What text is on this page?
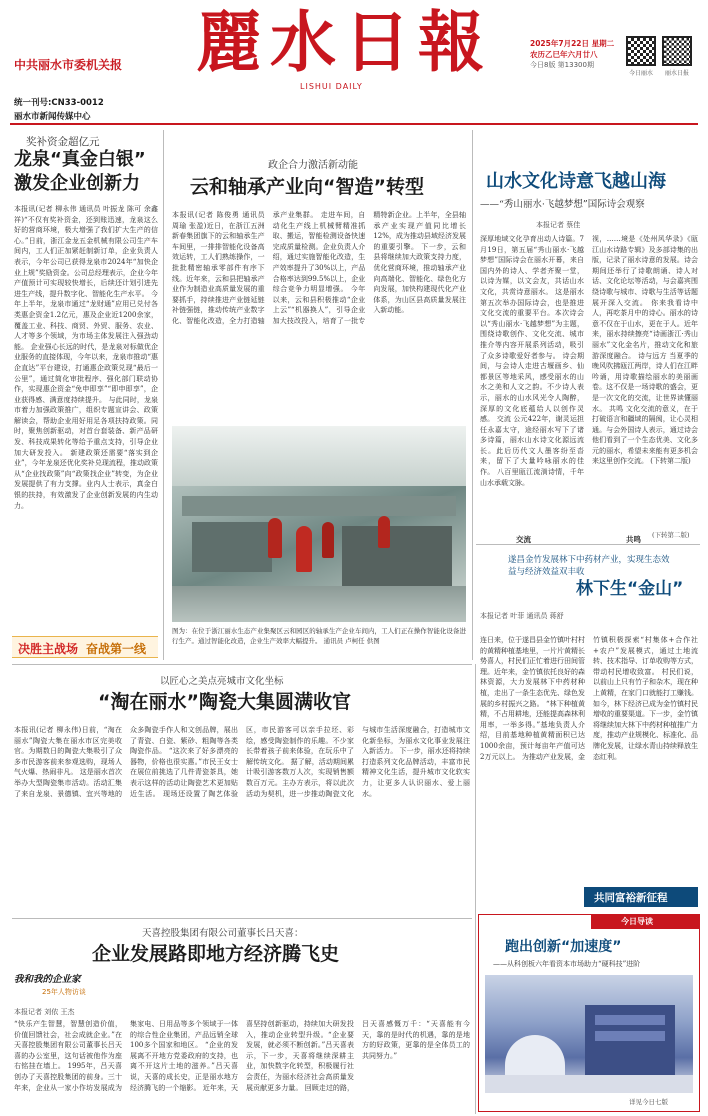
中共丽水市委机关报 麗 水 日 報
LISHUI DAILY
2025年7月22日 星期二
农历乙巳年六月廿八
今日8版 第13300期
今日丽水	丽水日报
统一刊号:CN33-0012
丽水市新闻传媒中心
奖补资金超亿元
龙泉“真金白银”
激发企业创新力
本报讯(记者 柳永伟 通讯员 叶振龙 陈可 余鑫祥)“不仅有奖补资金，还到账迅速，龙泉这么好的营商环境，极大增强了我们扩大生产的信心。”日前，浙江金龙五金机械有限公司生产车间内，工人们正加紧赶制新订单，企业负责人表示，今年公司已获得龙泉市2024年“加快企业上规”奖励资金。公司总经理表示，企业今年产值预计可实现较快增长，后续还计划引进先进生产线，提升数字化、智能化生产水平。 今年上半年，龙泉市通过“龙财通”应用已兑付各类惠企资金1.2亿元，惠及企业近1200余家，覆盖工业、科技、商贸、外贸、服务、农业、人才等多个领域，为市场主体发展注入强劲动能。 企业强心长远的时代，是龙泉对标做优企业服务的直接体现，今年以来，龙泉市推动“惠企直达”平台建设，打通惠企政策兑现“最后一公里”，通过简化审批程序、强化部门联动协作，实现惠企资金“免申即享”“即申即享”，企业获得感、满意度持续提升。 与此同时，龙泉市着力加强政策推广，组织专题宣讲会、政策解读会，帮助企业用好用足各项扶持政策。同时，聚焦创新驱动，对首台套装备、新产品研发、科技成果转化等给予重点支持，引导企业加大研发投入。 新建政策还需要“落实到企业”，今年龙泉还优化奖补兑现流程，推动政策从“企业找政策”向“政策找企业”转变，为企业发展提供了有力支撑。业内人士表示，真金白银的扶持，有效激发了企业创新发展的内生动力。
决胜主战场 奋战第一线
政企合力激活新动能
云和轴承产业向“智造”转型
本报讯(记者 陈俊勇 通讯员 周瑜 张盈)近日，在浙江五洲新春集团旗下的云和轴承生产车间里，一排排智能化设备高效运转，工人们熟练操作，一批批精密轴承零部件有序下线。近年来，云和县把轴承产业作为制造业高质量发展的重要抓手，持续推进产业链延链补链强链，推动传统产业数字化、智能化改造，全力打造轴承产业集群。 走进车间，自动化生产线上机械臂精准抓取、搬运，智能检测设备快速完成质量检测。企业负责人介绍，通过实施智能化改造，生产效率提升了30%以上，产品合格率达到99.5%以上，企业综合竞争力明显增强。 今年以来，云和县积极推动“企业上云”“机器换人”，引导企业加大技改投入，培育了一批专精特新企业。上半年，全县轴承产业实现产值同比增长12%，成为推动县域经济发展的重要引擎。 下一步，云和县将继续加大政策支持力度，优化营商环境，推动轴承产业向高端化、智能化、绿色化方向发展，加快构建现代化产业体系，为山区县高质量发展注入新动能。
图为：在位于浙江丽水生态产业集聚区云和园区的轴承生产企业车间内，工人们正在操作智能化设备进行生产。通过智能化改造，企业生产效率大幅提升。 通讯员 卢柯任 供图
山水文化诗意飞越山海
——“秀山丽水·飞越梦想”国际诗会观察
本报记者 蔡佳
深厚地域文化孕育出动人诗篇。7月19日，第五届“秀山丽水·飞越梦想”国际诗会在丽水开幕，来自国内外的诗人、学者齐聚一堂，以诗为媒，以文会友，共话山水文化，共赏诗意丽水。 这是丽水第五次举办国际诗会，也是推进文化交流的重要平台。本次诗会以“秀山丽水·飞越梦想”为主题，围绕诗歌创作、文化交流、城市推介等内容开展系列活动，吸引了众多诗歌爱好者参与。 诗会期间，与会诗人走进古堰画乡、仙都景区等地采风，感受丽水的山水之美和人文之韵。不少诗人表示，丽水的山水风光令人陶醉，深厚的文化底蕴给人以创作灵感。 交流 公元422年，谢灵运担任永嘉太守，途经丽水写下了诸多诗篇，丽水山水诗文化源远流长。此后历代文人墨客纷至沓来，留下了大量吟咏丽水的佳作。 八百里瓯江流淌诗情，千年山水承载文脉。
视，……境是《处州风华录》《瓯江山水诗路专辑》及多部诗集的出版，记录了丽水诗意的发展。诗会期间还举行了诗歌朗诵、诗人对话、文化论坛等活动，与会嘉宾围绕诗歌与城市、诗歌与生活等话题展开深入交流。 你来我看诗中人，再吃茶月中的诗心。丽水的诗意不仅在于山水，更在于人。近年来，丽水持续擦亮“诗画浙江·秀山丽水”文化金名片，推动文化和旅游深度融合。 诗与远方 当夏季的晚风吹拂瓯江两岸，诗人们在江畔吟诵，用诗歌描绘丽水的美丽画卷。这不仅是一场诗歌的盛会，更是一次文化的交流，让世界读懂丽水。 共鸣 文化交流的意义，在于打破语言和疆域的隔阂，让心灵相通。与会外国诗人表示，通过诗会他们看到了一个生态优美、文化多元的丽水，希望未来能有更多机会来这里创作交流。 (下转第二版)
交流	共鸣 (下转第二版)
遂昌金竹发展林下中药材产业，实现生态效
益与经济效益双丰收
林下生“金山”
本报记者 叶菲 通讯员 蒋舒
连日来，位于遂昌县金竹镇叶村村的黄精种植基地里，一片片黄精长势喜人，村民们正忙着进行田间管理。近年来，金竹镇依托良好的森林资源，大力发展林下中药材种植，走出了一条生态优先、绿色发展的乡村振兴之路。 “林下种植黄精，不占用耕地，还能提高森林利用率，一举多得。”基地负责人介绍，目前基地种植黄精面积已达1000余亩，预计每亩年产值可达2万元以上。 为推动产业发展，金竹镇积极探索“村集体+合作社+农户”发展模式，通过土地流转、技术指导、订单收购等方式，带动村民增收致富。 村民们说，以前山上只有竹子和杂木，现在种上黄精，在家门口就能打工赚钱。 如今，林下经济已成为金竹镇村民增收的重要渠道。下一步，金竹镇将继续加大林下中药材种植推广力度，推动产业规模化、标准化、品牌化发展，让绿水青山持续释放生态红利。
共同富裕新征程
以匠心之美点亮城市文化坐标
“淘在丽水”陶瓷大集圆满收官
本报讯(记者 柳永伟)日前，“淘在丽水”陶瓷大集在丽水市区完美收官。为期数日的陶瓷大集吸引了众多市民游客前来参观选购，现场人气火爆、热闹非凡。 这是丽水首次举办大型陶瓷集市活动。活动汇集了来自龙泉、景德镇、宜兴等地的众多陶瓷手作人和文创品牌，展出了青瓷、白瓷、紫砂、粗陶等各类陶瓷作品。 “这次来了好多漂亮的器物，价格也很实惠。”市民王女士在展位前挑选了几件青瓷茶具，她表示这样的活动让陶瓷艺术更加贴近生活。 现场还设置了陶艺体验区，市民游客可以亲手拉坯、彩绘，感受陶瓷制作的乐趣。不少家长带着孩子前来体验，在玩乐中了解传统文化。 据了解，活动期间累计吸引游客数万人次，实现销售额数百万元。主办方表示，将以此次活动为契机，进一步推动陶瓷文化与城市生活深度融合，打造城市文化新坐标，为丽水文化事业发展注入新活力。 下一步，丽水还将持续打造系列文化品牌活动，丰富市民精神文化生活，提升城市文化软实力，让更多人认识丽水、爱上丽水。
天喜控股集团有限公司董事长吕天喜：
企业发展路即地方经济腾飞史
我和我的企业家
25年人物访谈
本报记者 刘依 王杰
“快乐产生智慧，智慧创造价值，价值回馈社会，社会成就企业。”在天喜控股集团有限公司董事长吕天喜的办公室里，这句话被他作为座右铭挂在墙上。 1995年，吕天喜创办了天喜控股集团的前身。三十年来，企业从一家小作坊发展成为集家电、日用品等多个领域于一体的综合性企业集团，产品远销全球100多个国家和地区。 “企业的发展离不开地方党委政府的支持，也离不开这片土地的滋养。”吕天喜说，天喜的成长史，正是丽水地方经济腾飞的一个缩影。 近年来，天喜坚持创新驱动，持续加大研发投入，推动企业转型升级。“企业要发展，就必须不断创新。”吕天喜表示，下一步，天喜将继续深耕主业，加快数字化转型，积极履行社会责任，为丽水经济社会高质量发展贡献更多力量。 回顾走过的路，吕天喜感慨万千：“天喜能有今天，靠的是时代的机遇，靠的是地方的好政策，更靠的是全体员工的共同努力。”
今日导读
跑出创新“加速度”
——从科创板六年看资本市场助力“硬科技”进阶
详见今日七版
